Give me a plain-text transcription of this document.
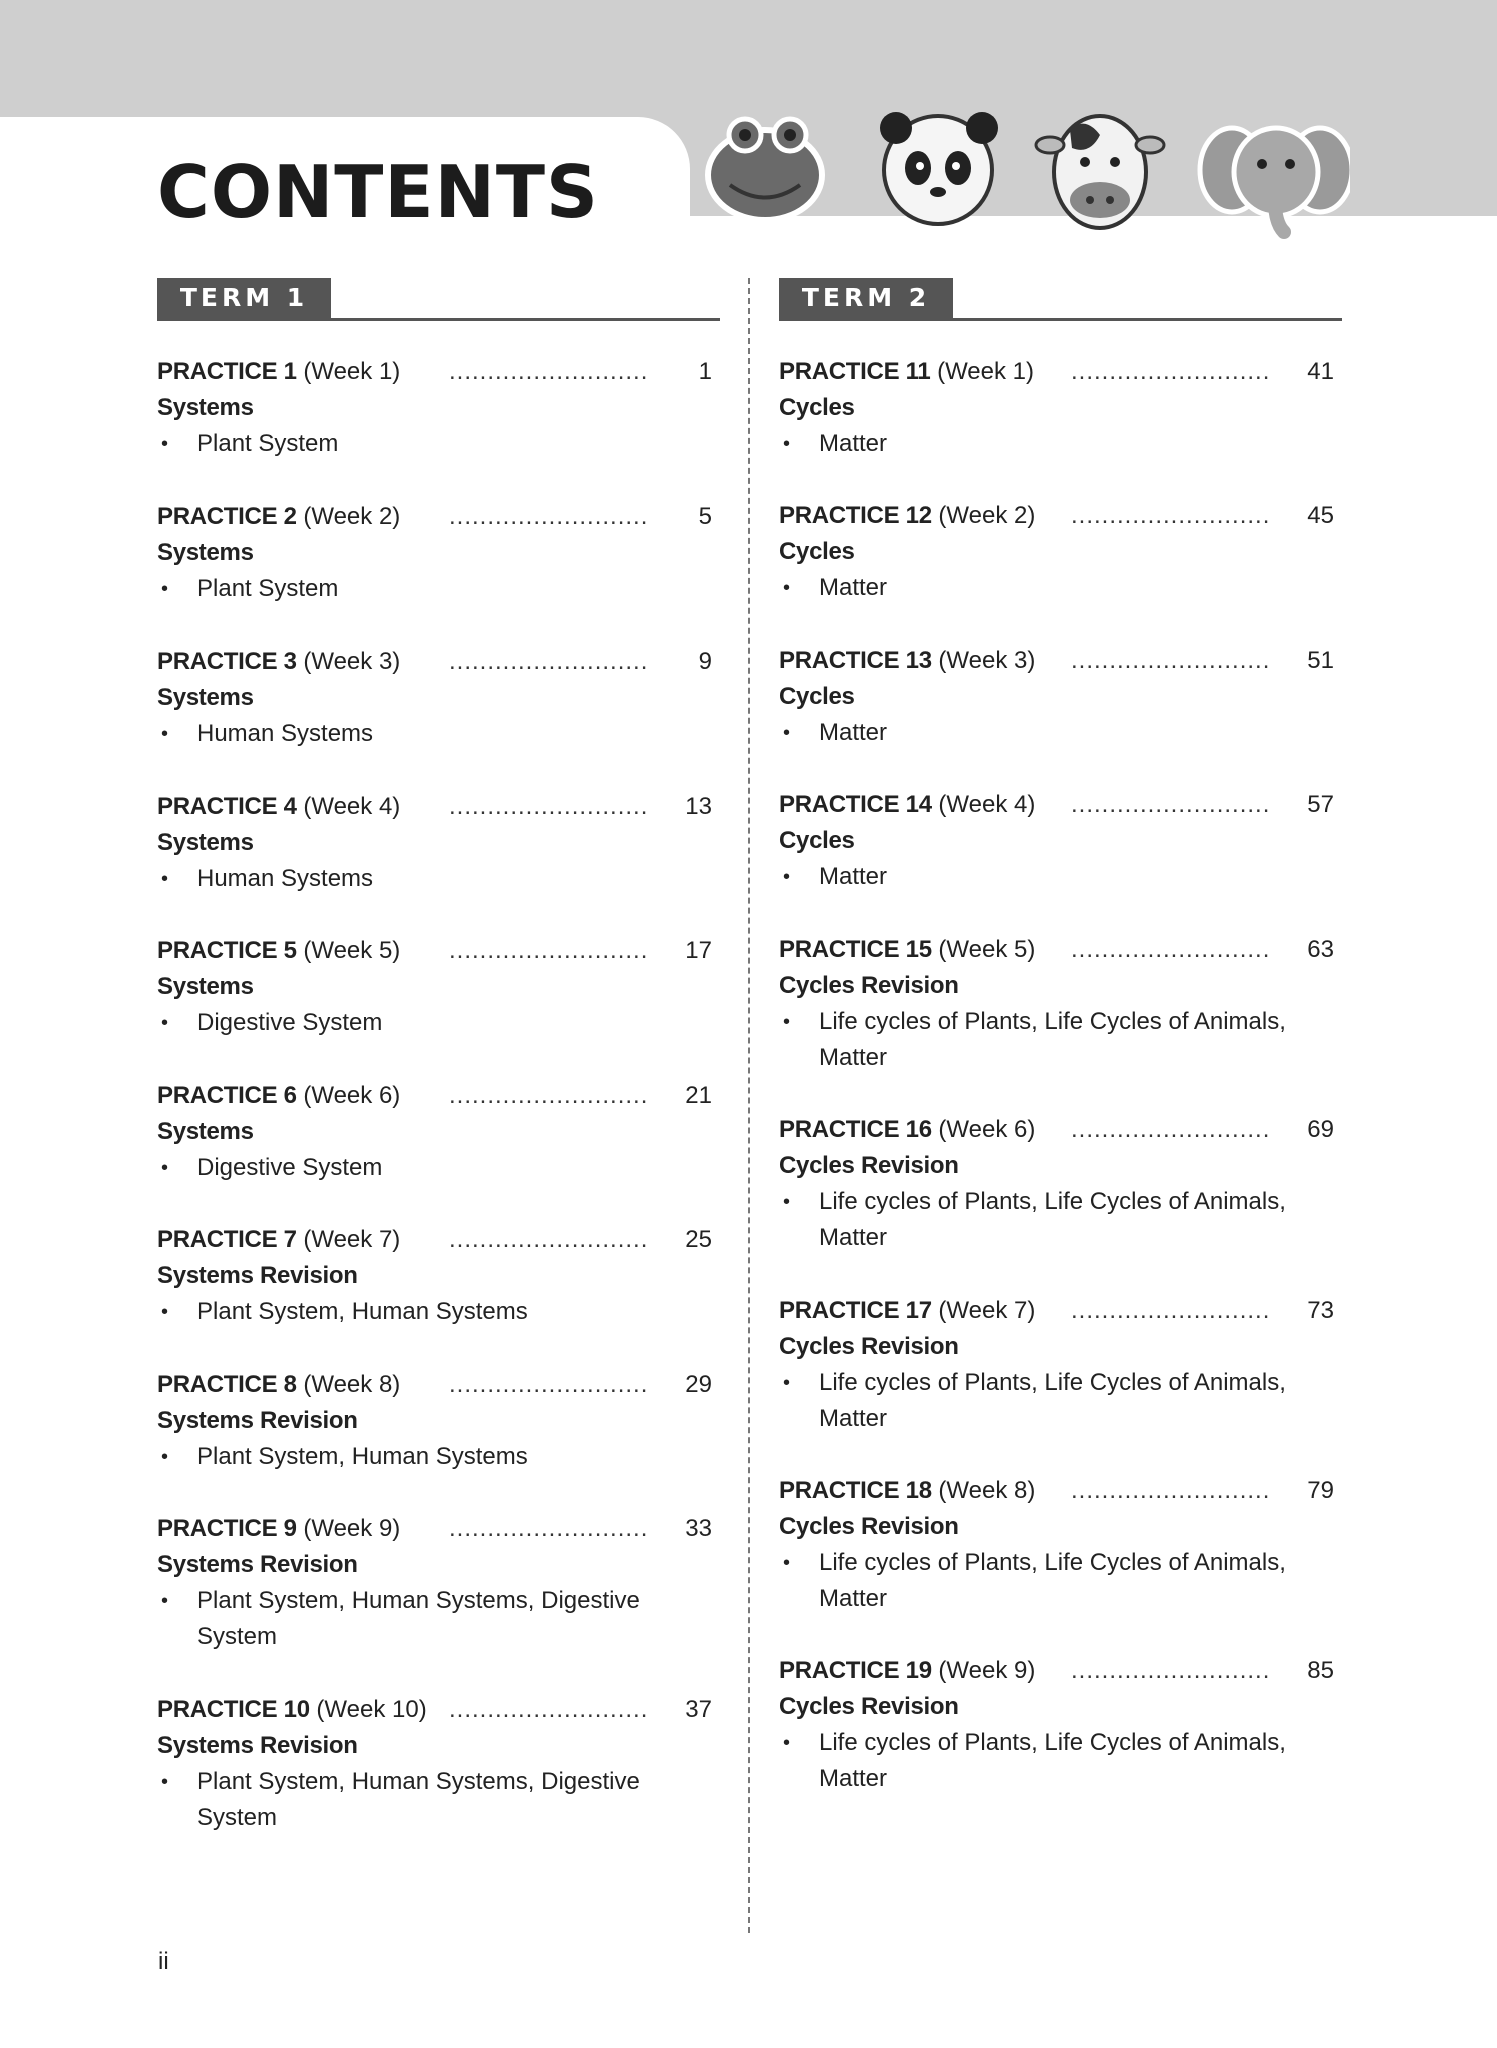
CONTENTS
TERM 1	TERM 2
PRACTICE 1 (Week 1) ..........................	1
Systems
• Plant System
PRACTICE 2 (Week 2) ..........................	5
Systems
• Plant System
PRACTICE 3 (Week 3) ..........................	9
Systems
• Human Systems
PRACTICE 4 (Week 4) ..........................	13
Systems
• Human Systems
PRACTICE 5 (Week 5) ..........................	17
Systems
• Digestive System
PRACTICE 6 (Week 6) ..........................	21
Systems
• Digestive System
PRACTICE 7 (Week 7) ..........................	25
Systems Revision
• Plant System, Human Systems
PRACTICE 8 (Week 8) ..........................	29
Systems Revision
• Plant System, Human Systems
PRACTICE 9 (Week 9) ..........................	33
Systems Revision
• Plant System, Human Systems, Digestive
System
PRACTICE 10 (Week 10) ..........................	37
Systems Revision
• Plant System, Human Systems, Digestive
System
PRACTICE 11 (Week 1) ..........................	41
Cycles
• Matter
PRACTICE 12 (Week 2) ..........................	45
Cycles
• Matter
PRACTICE 13 (Week 3) ..........................	51
Cycles
• Matter
PRACTICE 14 (Week 4) ..........................	57
Cycles
• Matter
PRACTICE 15 (Week 5) ..........................	63
Cycles Revision
• Life cycles of Plants, Life Cycles of Animals,
Matter
PRACTICE 16 (Week 6) ..........................	69
Cycles Revision
• Life cycles of Plants, Life Cycles of Animals,
Matter
PRACTICE 17 (Week 7) ..........................	73
Cycles Revision
• Life cycles of Plants, Life Cycles of Animals,
Matter
PRACTICE 18 (Week 8) ..........................	79
Cycles Revision
• Life cycles of Plants, Life Cycles of Animals,
Matter
PRACTICE 19 (Week 9) ..........................	85
Cycles Revision
• Life cycles of Plants, Life Cycles of Animals,
Matter
ii
